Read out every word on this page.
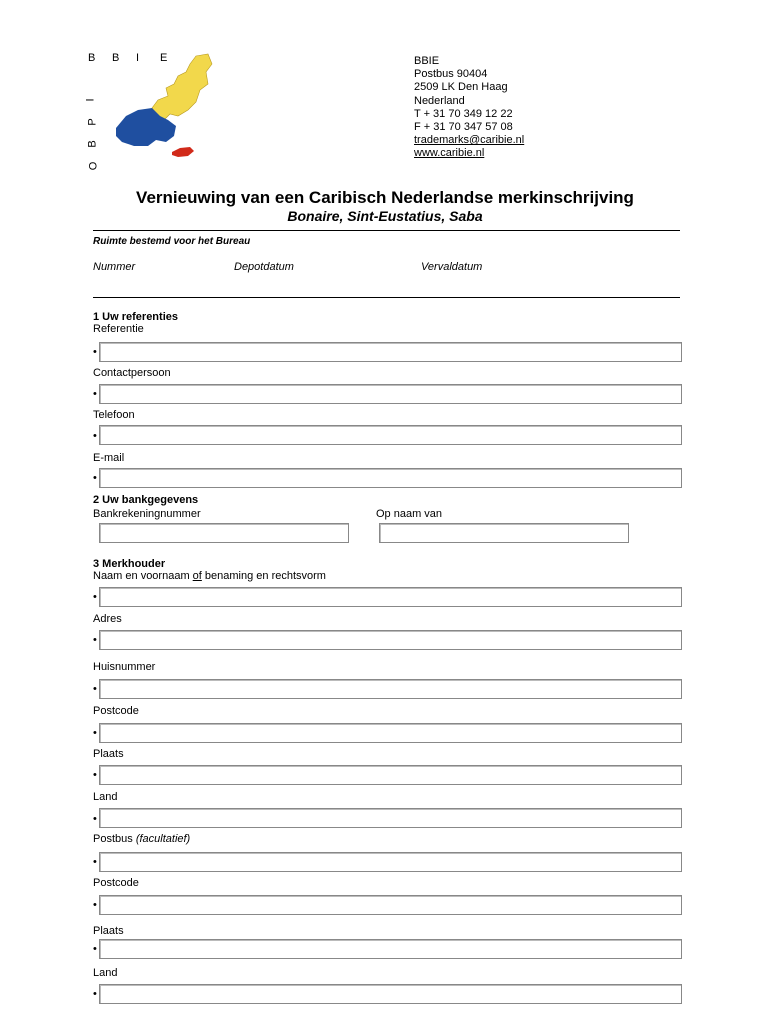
B B I E
O
B
P
I
BBIE
Postbus 90404
2509 LK Den Haag
Nederland
T + 31 70 349 12 22
F + 31 70 347 57 08
trademarks@caribie.nl
www.caribie.nl
Vernieuwing van een Caribisch Nederlandse merkinschrijving
Bonaire, Sint-Eustatius, Saba
Ruimte bestemd voor het Bureau
Nummer	Depotdatum	Vervaldatum
1 Uw referenties
Referentie
•
Contactpersoon
•
Telefoon
•
E-mail
•
2 Uw bankgegevens
Bankrekeningnummer	Op naam van
3 Merkhouder
Naam en voornaam of benaming en rechtsvorm
•
Adres
•
Huisnummer
•
Postcode
•
Plaats
•
Land
•
Postbus (facultatief)
•
Postcode
•
Plaats
•
Land
•
